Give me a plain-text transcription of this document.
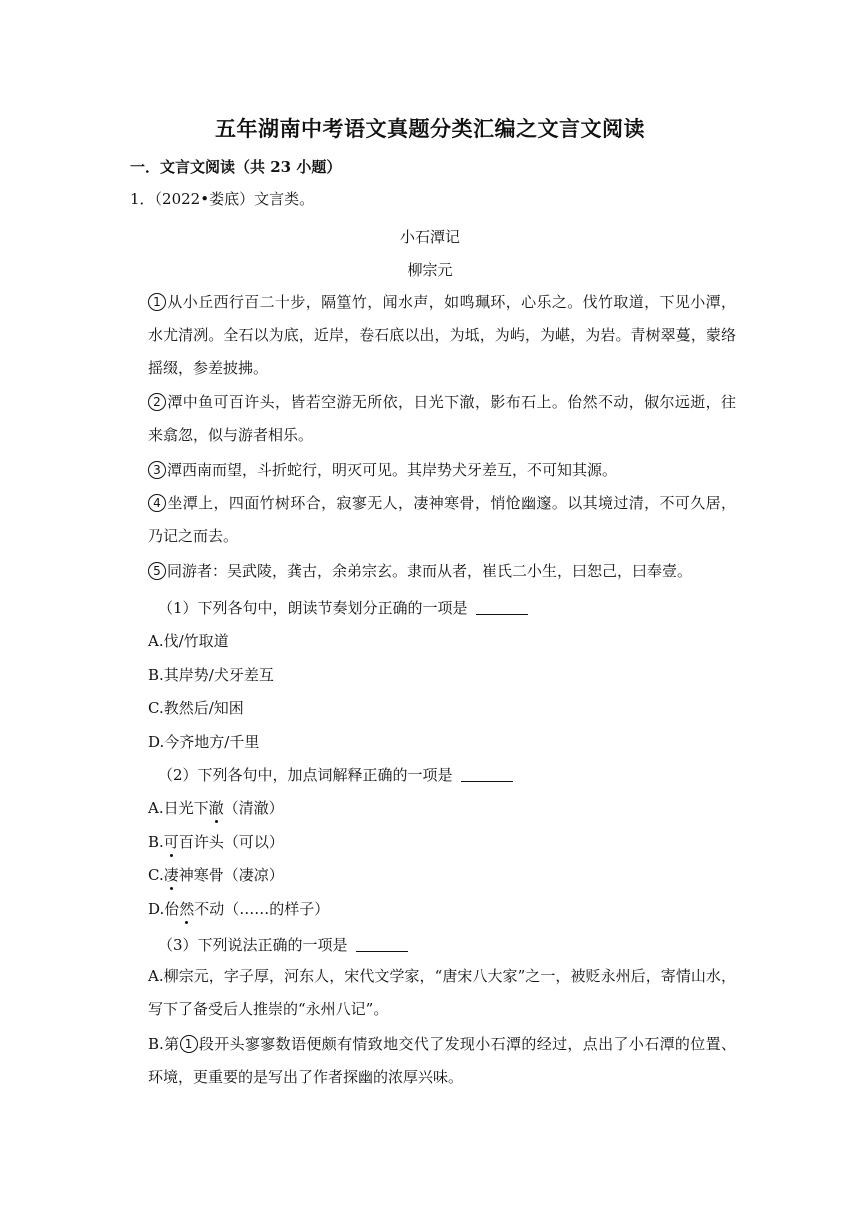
五年湖南中考语文真题分类汇编之文言文阅读
一．文言文阅读（共 23 小题）
1．（2022•娄底）文言类。
小石潭记
柳宗元
1 从小丘西行百二十步，隔篁竹，闻水声，如鸣珮环，心乐之。伐竹取道，下见小潭，水尤清冽。全石以为底，近岸，卷石底以出，为坻，为屿，为嵁，为岩。青树翠蔓，蒙络摇缀，参差披拂。
2 潭中鱼可百许头，皆若空游无所依，日光下澈，影布石上。佁然不动，俶尔远逝，往来翕忽，似与游者相乐。
3 潭西南而望，斗折蛇行，明灭可见。其岸势犬牙差互，不可知其源。
4 坐潭上，四面竹树环合，寂寥无人，凄神寒骨，悄怆幽邃。以其境过清，不可久居，乃记之而去。
5 同游者：吴武陵，龚古，余弟宗玄。隶而从者，崔氏二小生，曰恕己，曰奉壹。
（1）下列各句中，朗读节奏划分正确的一项是
A.伐/竹取道
B.其岸势/犬牙差互
C.教然后/知困
D.今齐地方/千里
（2）下列各句中，加点词解释正确的一项是
A.日光下澈（清澈）
B.可百许头（可以）
C.凄神寒骨（凄凉）
D.佁然不动（……的样子）
（3）下列说法正确的一项是
A.柳宗元，字子厚，河东人，宋代文学家，“唐宋八大家”之一，被贬永州后，寄情山水，写下了备受后人推崇的“永州八记”。
B.第 1 段开头寥寥数语便颇有情致地交代了发现小石潭的经过，点出了小石潭的位置、环境，更重要的是写出了作者探幽的浓厚兴味。
